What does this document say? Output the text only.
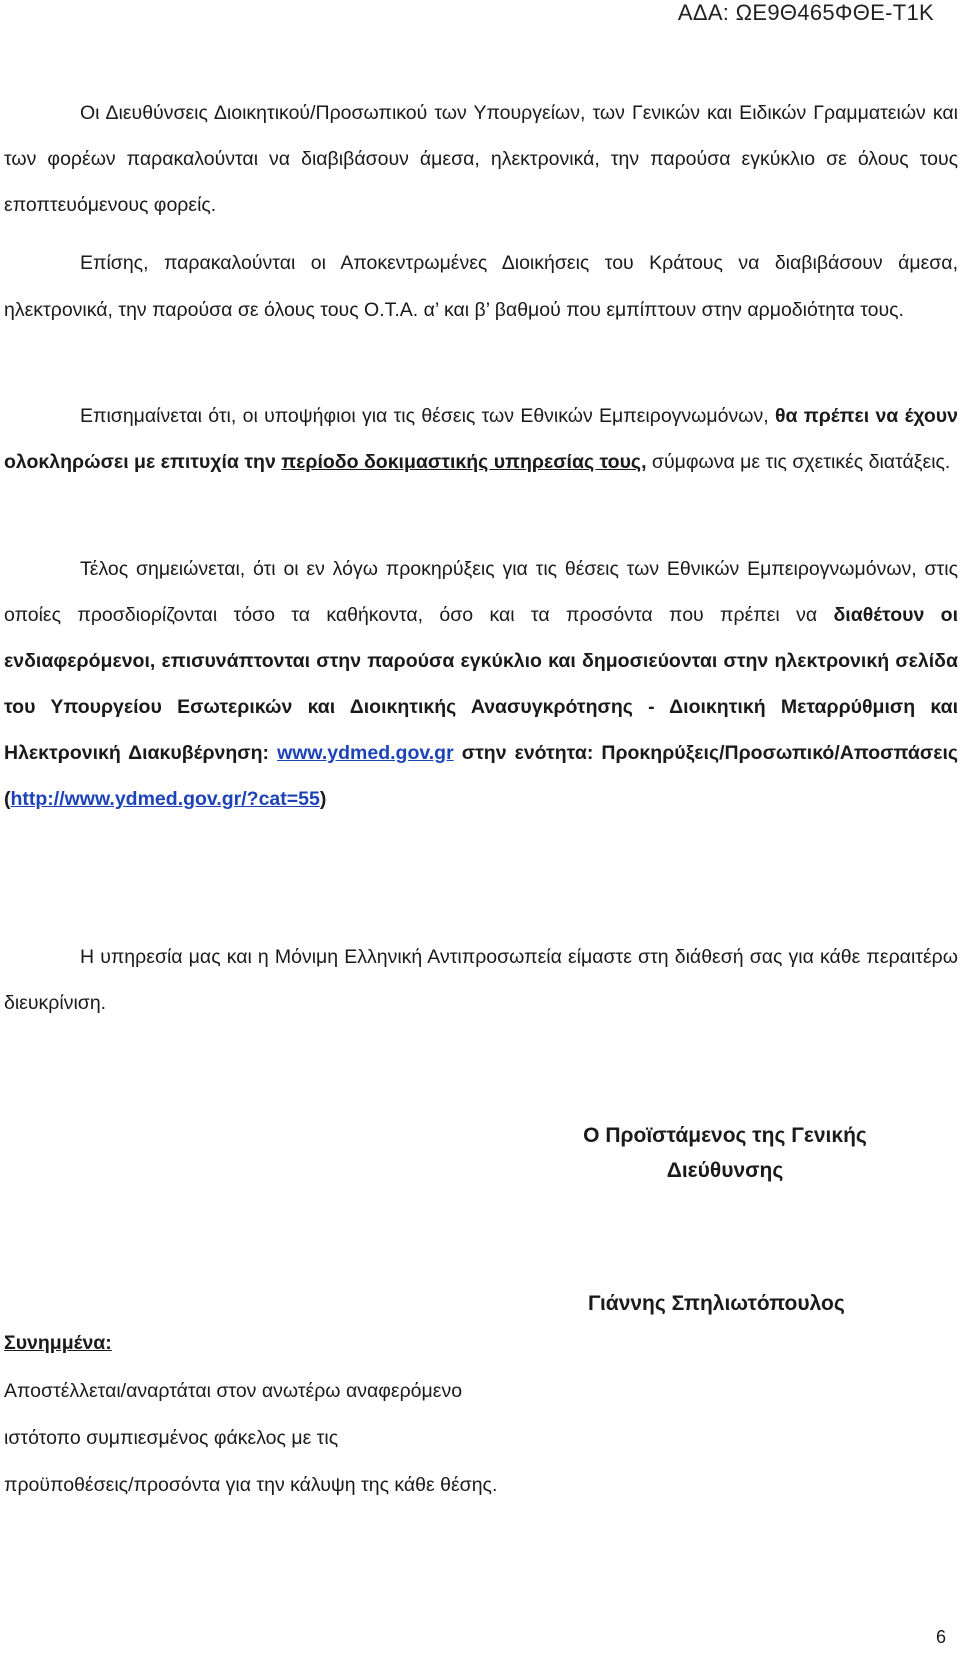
ΑΔΑ: ΩΕ9Θ465ΦΘΕ-Τ1Κ

Οι Διευθύνσεις Διοικητικού/Προσωπικού των Υπουργείων, των Γενικών και Ειδικών Γραμματειών και των φορέων παρακαλούνται να διαβιβάσουν άμεσα, ηλεκτρονικά, την παρούσα εγκύκλιο σε όλους τους εποπτευόμενους φορείς.

Επίσης, παρακαλούνται οι Αποκεντρωμένες Διοικήσεις του Κράτους να διαβιβάσουν άμεσα, ηλεκτρονικά, την παρούσα σε όλους τους Ο.Τ.Α. α’ και β’ βαθμού που εμπίπτουν στην αρμοδιότητα τους.

Επισημαίνεται ότι, οι υποψήφιοι για τις θέσεις των Εθνικών Εμπειρογνωμόνων, θα πρέπει να έχουν ολοκληρώσει με επιτυχία την περίοδο δοκιμαστικής υπηρεσίας τους, σύμφωνα με τις σχετικές διατάξεις.

Τέλος σημειώνεται, ότι οι εν λόγω προκηρύξεις για τις θέσεις των Εθνικών Εμπειρογνωμόνων, στις οποίες προσδιορίζονται τόσο τα καθήκοντα, όσο και τα προσόντα που πρέπει να διαθέτουν οι ενδιαφερόμενοι, επισυνάπτονται στην παρούσα εγκύκλιο και δημοσιεύονται στην ηλεκτρονική σελίδα του Υπουργείου Εσωτερικών και Διοικητικής Ανασυγκρότησης - Διοικητική Μεταρρύθμιση και Ηλεκτρονική Διακυβέρνηση: www.ydmed.gov.gr στην ενότητα: Προκηρύξεις/Προσωπικό/Αποσπάσεις (http://www.ydmed.gov.gr/?cat=55)

Η υπηρεσία μας και η Μόνιμη Ελληνική Αντιπροσωπεία είμαστε στη διάθεσή σας για κάθε περαιτέρω διευκρίνιση.

Ο Προϊστάμενος της Γενικής
Διεύθυνσης
Γιάννης Σπηλιωτόπουλος
Συνημμένα:
Αποστέλλεται/αναρτάται στον ανωτέρω αναφερόμενο
ιστότοπο συμπιεσμένος φάκελος με τις
προϋποθέσεις/προσόντα για την κάλυψη της κάθε θέσης.
6
